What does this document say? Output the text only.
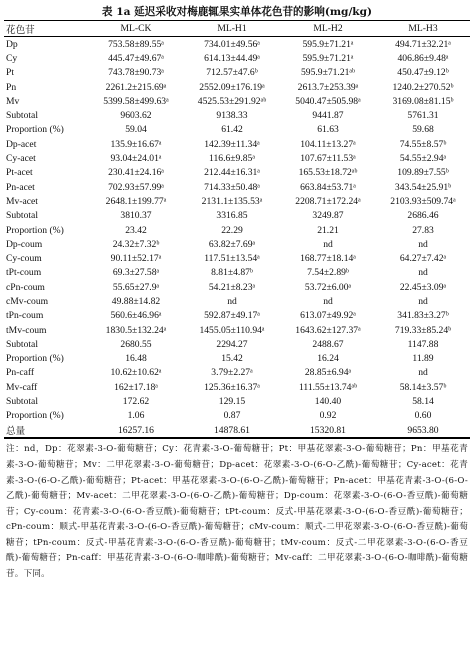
表 1a 延迟采收对梅鹿辄果实单体花色苷的影响(mg/kg)
花色苷	ML-CK	ML-H1	ML-H2	ML-H3
Dp	753.58±89.55ᵃ	734.01±49.56ᵃ	595.9±71.21ᵃ	494.71±32.21ᵃ
Cy	445.47±49.67ᵃ	614.13±44.49ᵃ	595.9±71.21ᵃ	406.86±9.48ᵃ
Pt	743.78±90.73ᵃ	712.57±47.6ᵇ	595.9±71.21ᵃᵇ	450.47±9.12ᵇ
Pn	2261.2±215.69ᵃ	2552.09±176.19ᵃ	2613.7±253.39ᵃ	1240.2±270.52ᵇ
Mv	5399.58±499.63ᵃ	4525.53±291.92ᵃᵇ	5040.47±505.98ᵃ	3169.08±81.15ᵇ
Subtotal	9603.62	9138.33	9441.87	5761.31
Proportion (%)	59.04	61.42	61.63	59.68
Dp-acet	135.9±16.67ᵃ	142.39±11.34ᵃ	104.11±13.27ᵃ	74.55±8.57ᵇ
Cy-acet	93.04±24.01ᵃ	116.6±9.85ᵃ	107.67±11.53ᵃ	54.55±2.94ᵃ
Pt-acet	230.41±24.16ᵃ	212.44±16.31ᵃ	165.53±18.72ᵃᵇ	109.89±7.55ᵇ
Pn-acet	702.93±57.99ᵃ	714.33±50.48ᵃ	663.84±53.71ᵃ	343.54±25.91ᵇ
Mv-acet	2648.1±199.77ᵃ	2131.1±135.53ᵃ	2208.71±172.24ᵃ	2103.93±509.74ᵃ
Subtotal	3810.37	3316.85	3249.87	2686.46
Proportion (%)	23.42	22.29	21.21	27.83
Dp-coum	24.32±7.32ᵇ	63.82±7.69ᵃ	nd	nd
Cy-coum	90.11±52.17ᵃ	117.51±13.54ᵃ	168.77±18.14ᵃ	64.27±7.42ᵃ
tPt-coum	69.3±27.58ᵃ	8.81±4.87ᵇ	7.54±2.89ᵇ	nd
cPn-coum	55.65±27.9ᵃ	54.21±8.23ᵃ	53.72±6.00ᵃ	22.45±3.09ᵃ
cMv-coum	49.88±14.82	nd	nd	nd
tPn-coum	560.6±46.96ᵃ	592.87±49.17ᵃ	613.07±49.92ᵃ	341.83±3.27ᵇ
tMv-coum	1830.5±132.24ᵃ	1455.05±110.94ᵃ	1643.62±127.37ᵃ	719.33±85.24ᵇ
Subtotal	2680.55	2294.27	2488.67	1147.88
Proportion (%)	16.48	15.42	16.24	11.89
Pn-caff	10.62±10.62ᵃ	3.79±2.27ᵃ	28.85±6.94ᵃ	nd
Mv-caff	162±17.18ᵃ	125.36±16.37ᵃ	111.55±13.74ᵃᵇ	58.14±3.57ᵇ
Subtotal	172.62	129.15	140.40	58.14
Proportion (%)	1.06	0.87	0.92	0.60
总量	16257.16	14878.61	15320.81	9653.80
注：nd，Dp：花翠素-3-O-葡萄糖苷；Cy：花青素-3-O-葡萄糖苷；Pt：甲基花翠素-3-O-葡萄糖苷；Pn：甲基花青素-3-O-葡萄糖苷；Mv：二甲花翠素-3-O-葡萄糖苷；Dp-acet：花翠素-3-O-(6-O-乙酰)-葡萄糖苷；Cy-acet：花青素-3-O-(6-O-乙酰)-葡萄糖苷；Pt-acet：甲基花翠素-3-O-(6-O-乙酰)-葡萄糖苷；Pn-acet：甲基花青素-3-O-(6-O-乙酰)-葡萄糖苷；Mv-acet：二甲花翠素-3-O-(6-O-乙酰)-葡萄糖苷；Dp-coum：花翠素-3-O-(6-O-香豆酰)-葡萄糖苷；Cy-coum：花青素-3-O-(6-O-香豆酰)-葡萄糖苷；tPt-coum：反式-甲基花翠素-3-O-(6-O-香豆酰)-葡萄糖苷；cPn-coum：顺式-甲基花青素-3-O-(6-O-香豆酰)-葡萄糖苷；cMv-coum：顺式-二甲花翠素-3-O-(6-O-香豆酰)-葡萄糖苷；tPn-coum：反式-甲基花青素-3-O-(6-O-香豆酰)-葡萄糖苷；tMv-coum：反式-二甲花翠素-3-O-(6-O-香豆酰)-葡萄糖苷；Pn-caff：甲基花青素-3-O-(6-O-咖啡酰)-葡萄糖苷；Mv-caff：二甲花翠素-3-O-(6-O-咖啡酰)-葡萄糖苷。下同。
